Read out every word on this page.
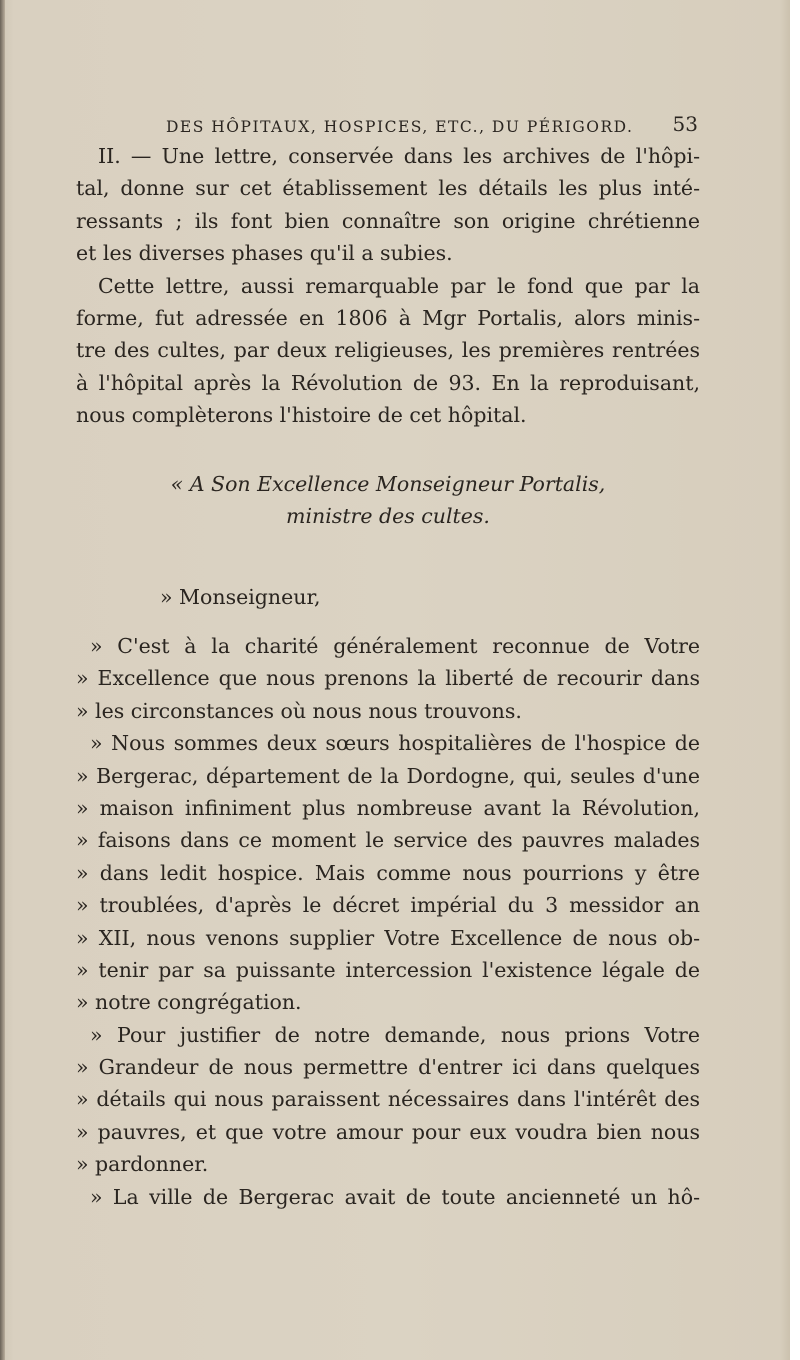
DES HÔPITAUX, HOSPICES, ETC., DU PÉRIGORD. 53
II. — Une lettre, conservée dans les archives de l'hôpi-
tal, donne sur cet établissement les détails les plus inté-
ressants ; ils font bien connaître son origine chrétienne
et les diverses phases qu'il a subies.
Cette lettre, aussi remarquable par le fond que par la
forme, fut adressée en 1806 à Mgr Portalis, alors minis-
tre des cultes, par deux religieuses, les premières rentrées
à l'hôpital après la Révolution de 93. En la reproduisant,
nous complèterons l'histoire de cet hôpital.
« A Son Excellence Monseigneur Portalis,
ministre des cultes.
» Monseigneur,
» C'est à la charité généralement reconnue de Votre
» Excellence que nous prenons la liberté de recourir dans
» les circonstances où nous nous trouvons.
» Nous sommes deux sœurs hospitalières de l'hospice de
» Bergerac, département de la Dordogne, qui, seules d'une
» maison infiniment plus nombreuse avant la Révolution,
» faisons dans ce moment le service des pauvres malades
» dans ledit hospice. Mais comme nous pourrions y être
» troublées, d'après le décret impérial du 3 messidor an
» XII, nous venons supplier Votre Excellence de nous ob-
» tenir par sa puissante intercession l'existence légale de
» notre congrégation.
» Pour justifier de notre demande, nous prions Votre
» Grandeur de nous permettre d'entrer ici dans quelques
» détails qui nous paraissent nécessaires dans l'intérêt des
» pauvres, et que votre amour pour eux voudra bien nous
» pardonner.
» La ville de Bergerac avait de toute ancienneté un hô-
